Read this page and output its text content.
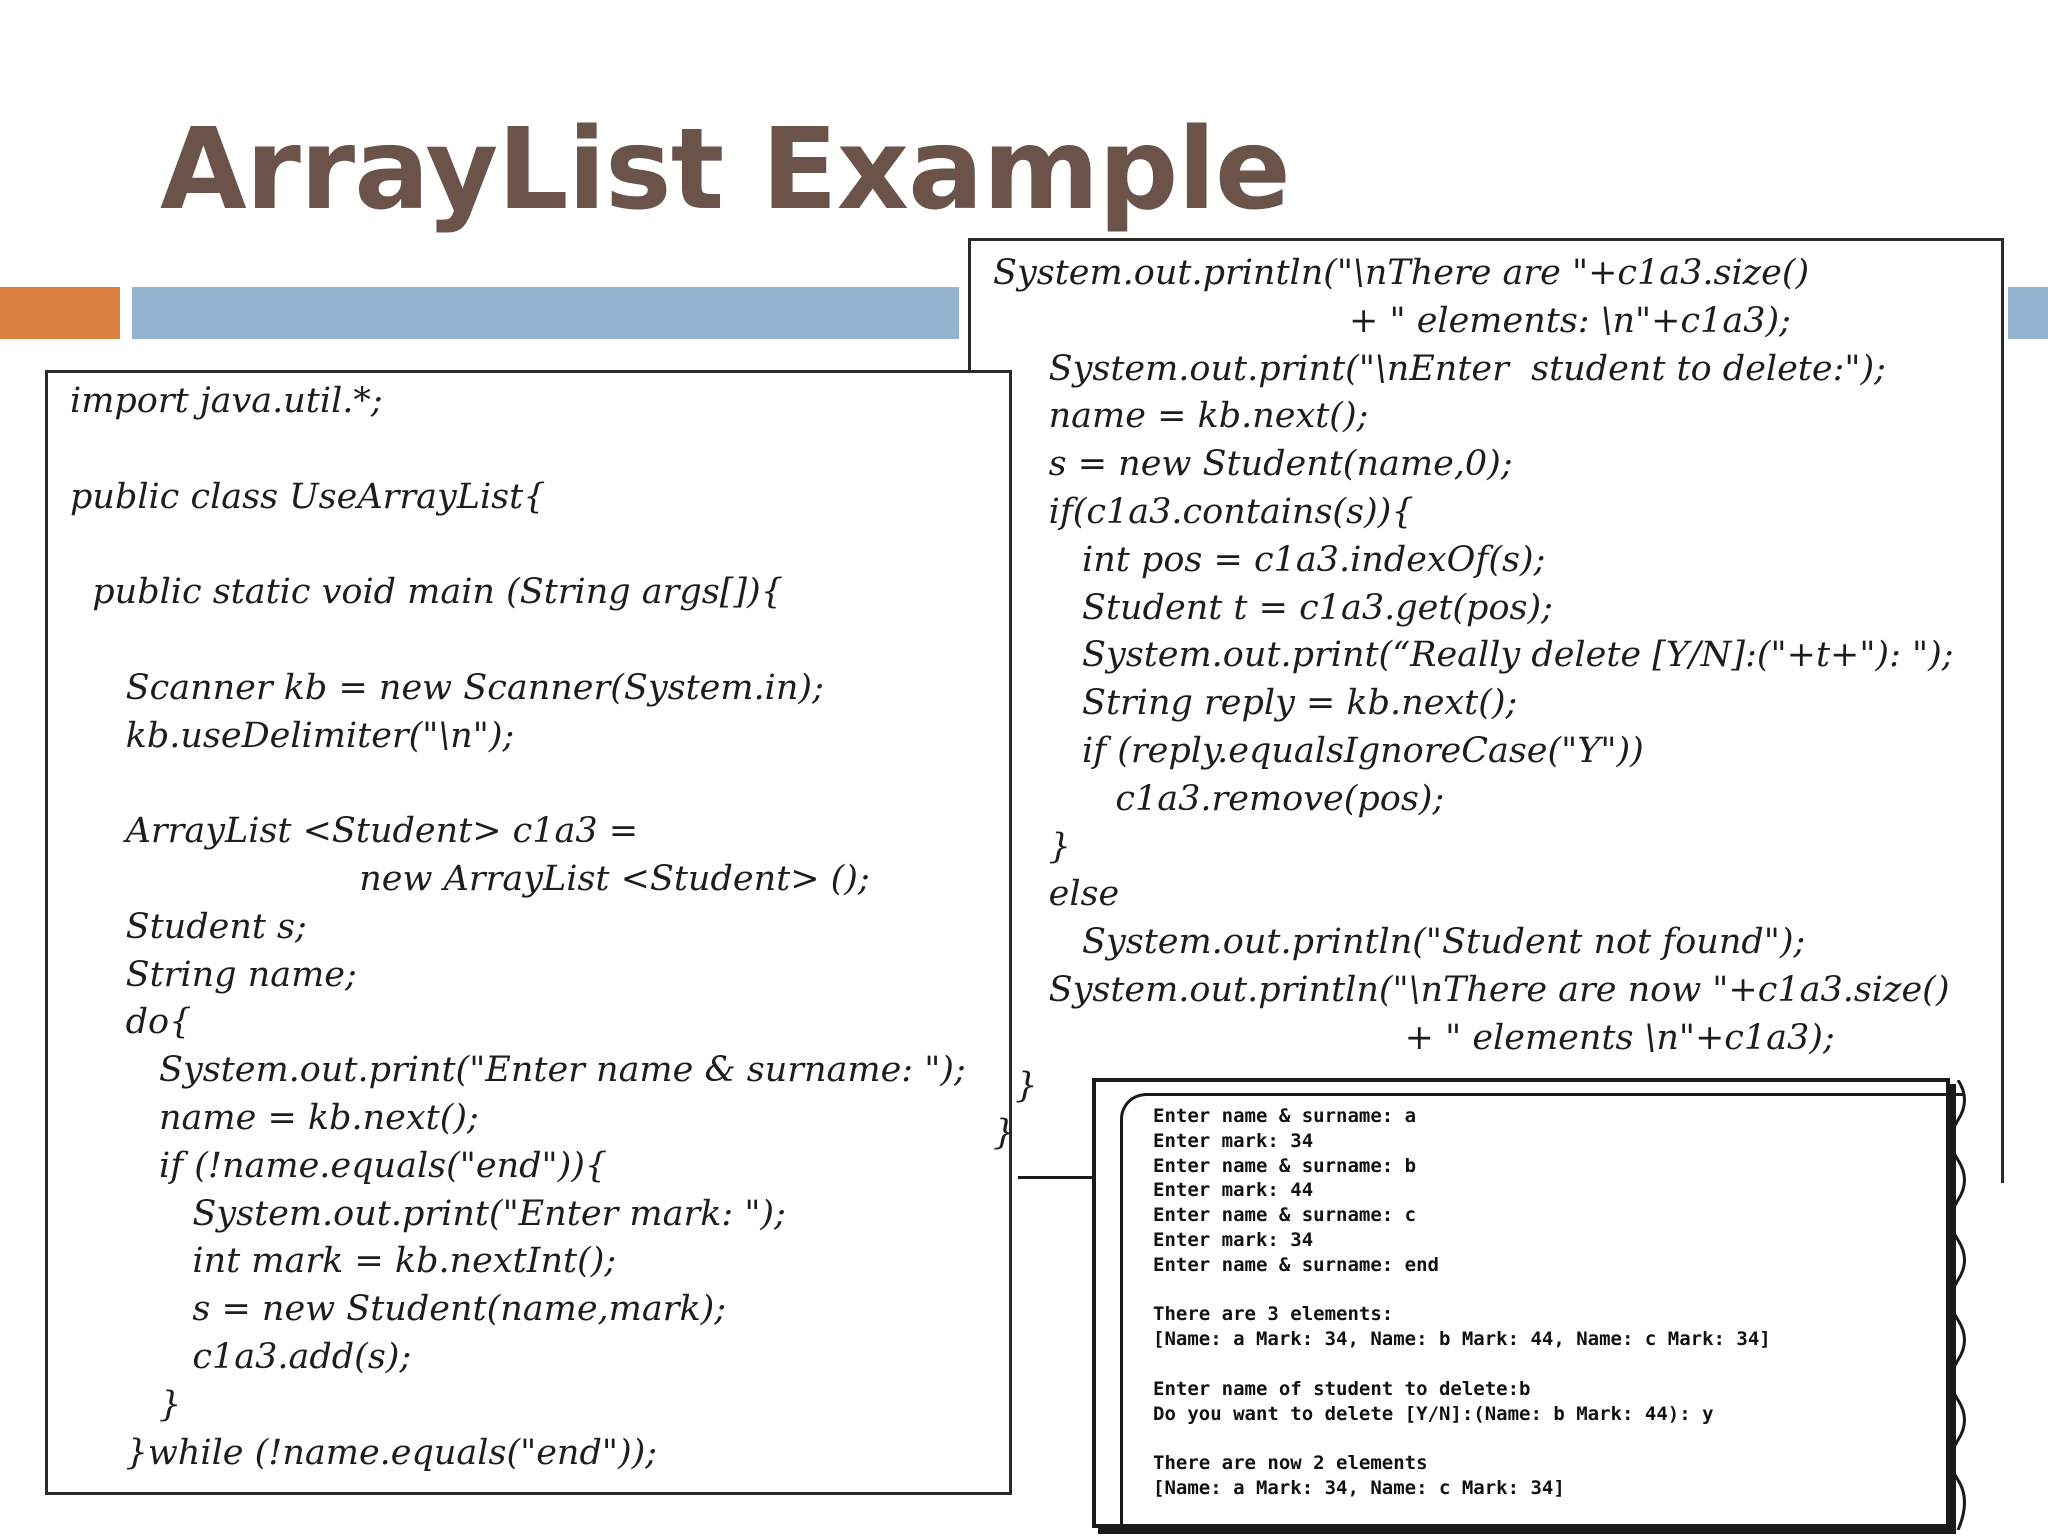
ArrayList Example
import java.util.*;

public class UseArrayList{

public static void main (String args[]){

Scanner kb = new Scanner(System.in);
kb.useDelimiter("\n");

ArrayList <Student> c1a3 =
new ArrayList <Student> ();
Student s;
String name;
do{
System.out.print("Enter name & surname: ");
name = kb.next();
if (!name.equals("end")){
System.out.print("Enter mark: ");
int mark = kb.nextInt();
s = new Student(name,mark);
c1a3.add(s);
}
}while (!name.equals("end"));
System.out.println("\nThere are "+c1a3.size()
+ " elements: \n"+c1a3);
System.out.print("\nEnter  student to delete:");
name = kb.next();
s = new Student(name,0);
if(c1a3.contains(s)){
int pos = c1a3.indexOf(s);
Student t = c1a3.get(pos);
System.out.print(“Really delete [Y/N]:("+t+"): ");
String reply = kb.next();
if (reply.equalsIgnoreCase("Y"))
c1a3.remove(pos);
}
else
System.out.println("Student not found");
System.out.println("\nThere are now "+c1a3.size()
+ " elements \n"+c1a3);
}
}	Enter name & surname: a
Enter mark: 34
Enter name & surname: b
Enter mark: 44
Enter name & surname: c
Enter mark: 34
Enter name & surname: end

There are 3 elements:
[Name: a Mark: 34, Name: b Mark: 44, Name: c Mark: 34]

Enter name of student to delete:b
Do you want to delete [Y/N]:(Name: b Mark: 44): y

There are now 2 elements
[Name: a Mark: 34, Name: c Mark: 34]
